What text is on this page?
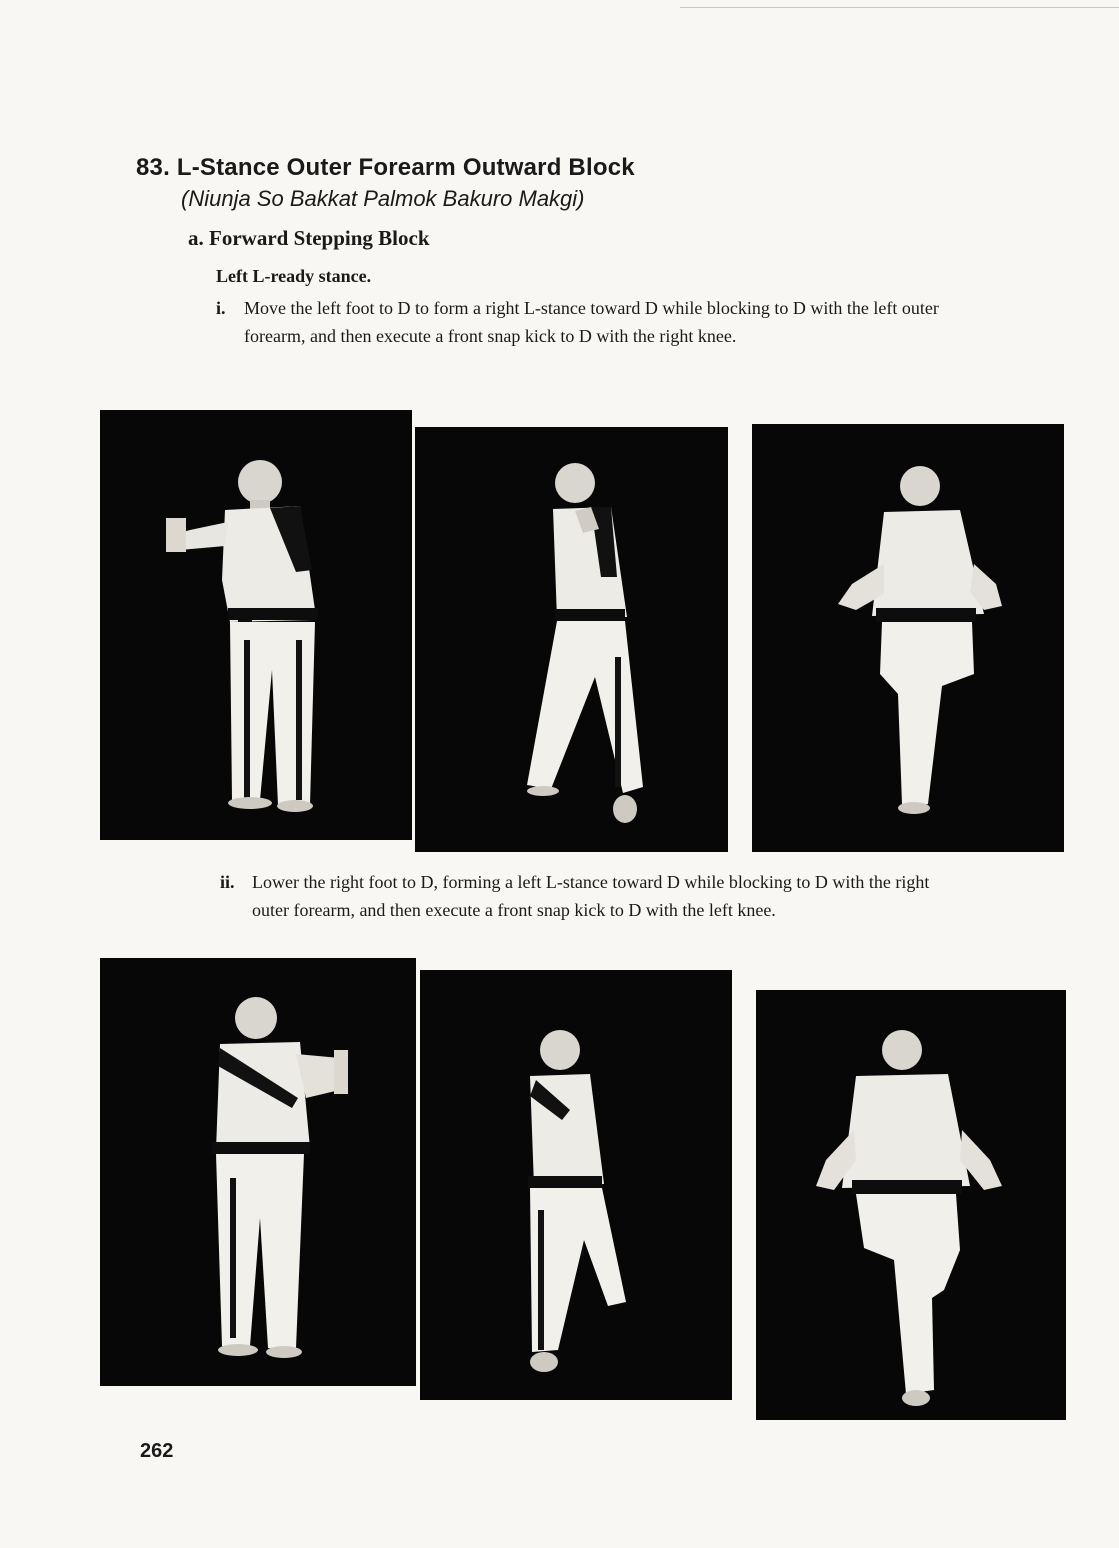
83. L-Stance Outer Forearm Outward Block
(Niunja So Bakkat Palmok Bakuro Makgi)
a. Forward Stepping Block
Left L-ready stance.
i. Move the left foot to D to form a right L-stance toward D while blocking to D with the left outer forearm, and then execute a front snap kick to D with the right knee.
ii. Lower the right foot to D, forming a left L-stance toward D while blocking to D with the right outer forearm, and then execute a front snap kick to D with the left knee.
262
